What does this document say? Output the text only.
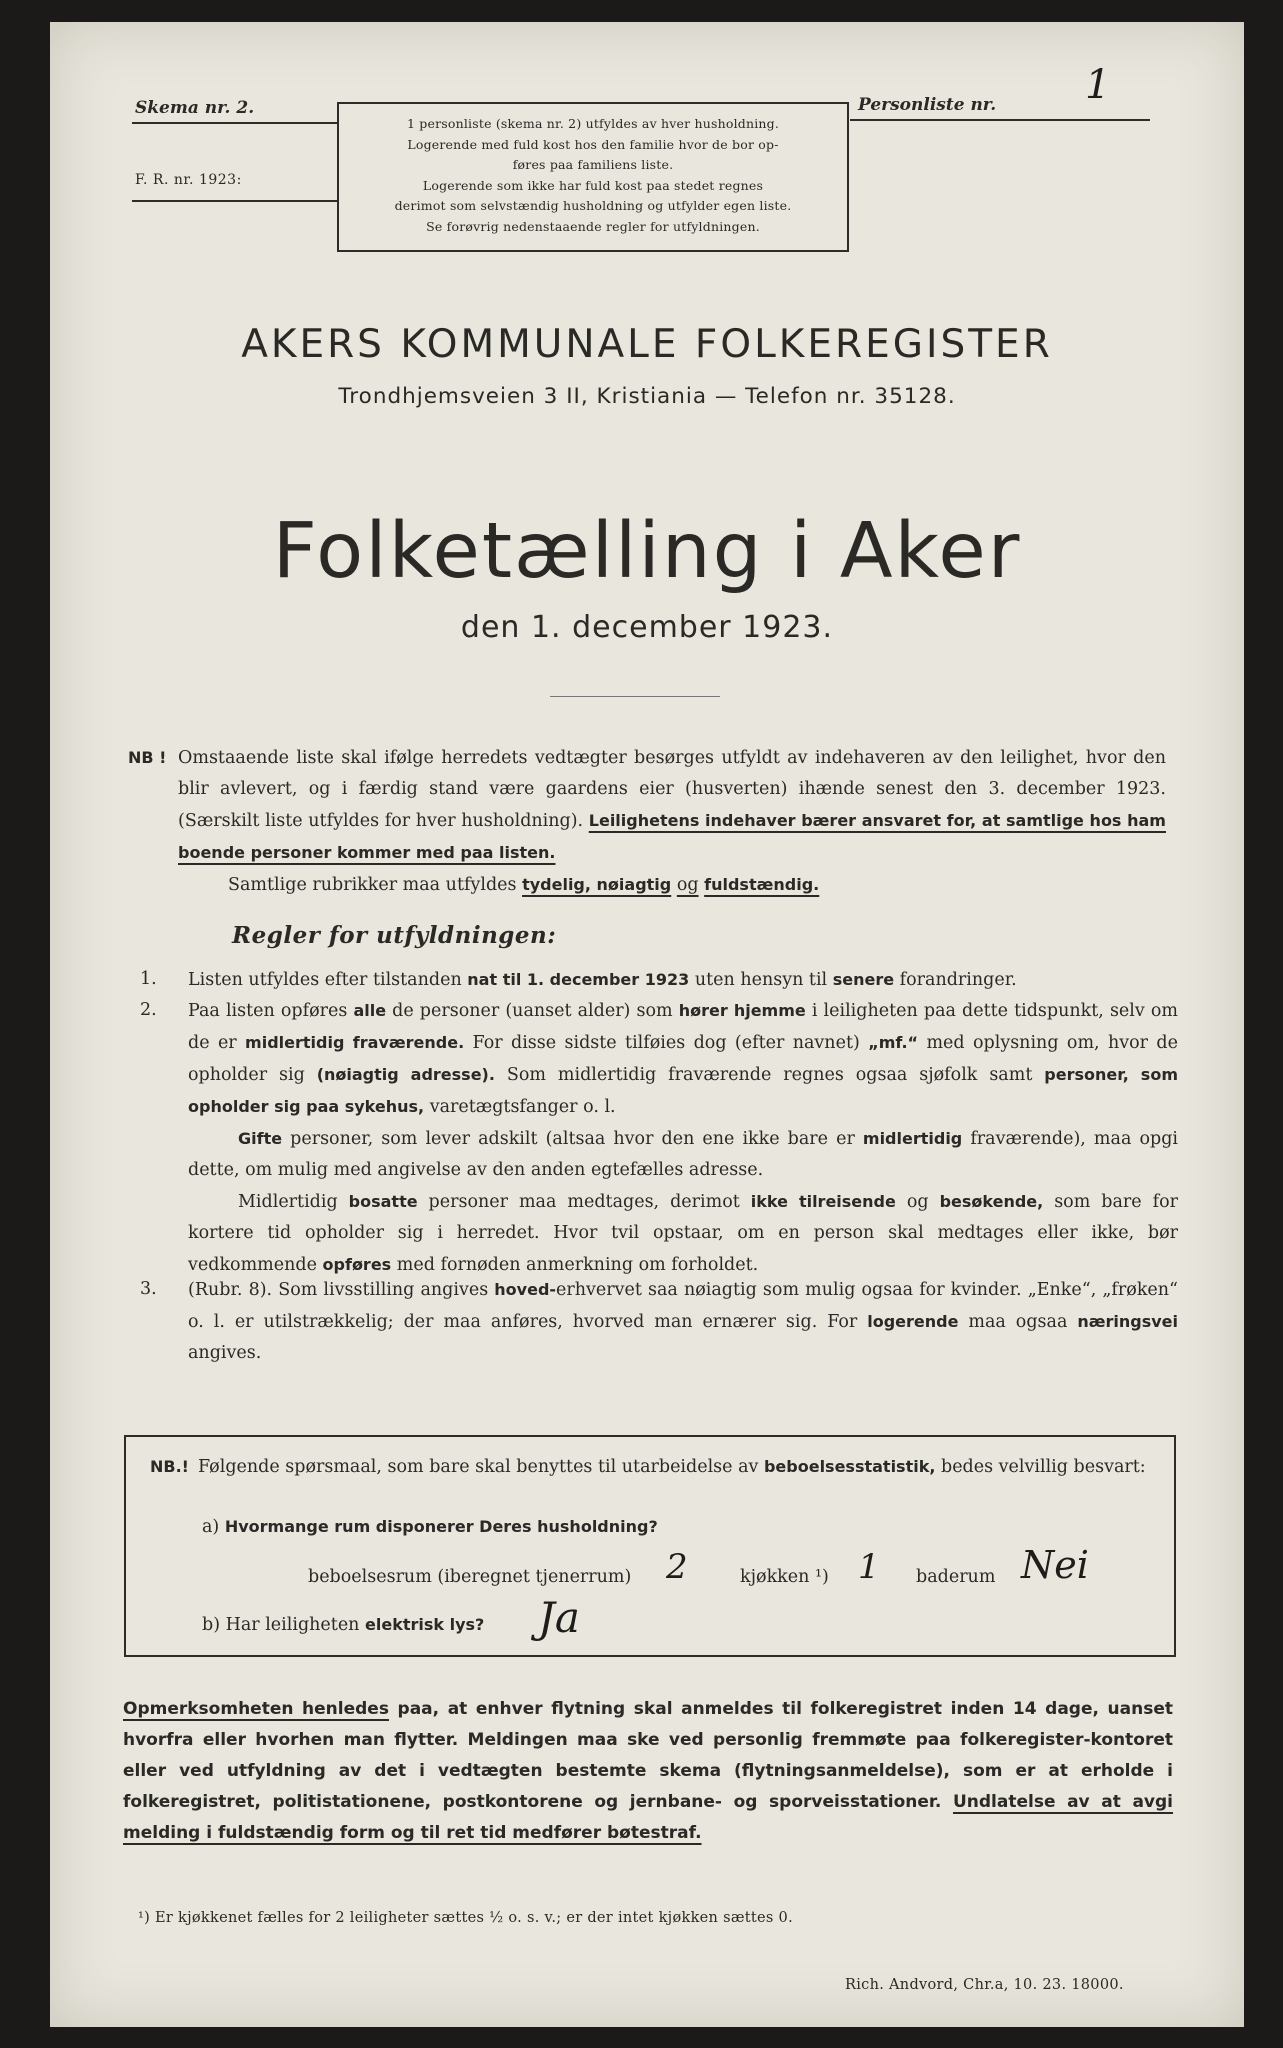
Skema nr. 2.
F. R. nr. 1923:

1 personliste (skema nr. 2) utfyldes av hver husholdning.

Logerende med fuld kost hos den familie hvor de bor op-

føres paa familiens liste.

Logerende som ikke har fuld kost paa stedet regnes

derimot som selvstændig husholdning og utfylder egen liste.

Se forøvrig nedenstaaende regler for utfyldningen.

Personliste nr. 1
AKERS KOMMUNALE FOLKEREGISTER
Trondhjemsveien 3 II, Kristiania — Telefon nr. 35128.
Folketælling i Aker
den 1. december 1923.
NB ! Omstaaende liste skal ifølge herredets vedtægter besørges utfyldt av indehaveren av den leilighet, hvor den blir avlevert, og i færdig stand være gaardens eier (husverten) ihænde senest den 3. december 1923. (Særskilt liste utfyldes for hver husholdning). Leilighetens indehaver bærer ansvaret for, at samtlige hos ham boende personer kommer med paa listen.
Samtlige rubrikker maa utfyldes tydelig, nøiagtig og fuldstændig.
Regler for utfyldningen:
1.	Listen utfyldes efter tilstanden nat til 1. december 1923 uten hensyn til senere forandringer.
2.	Paa listen opføres alle de personer (uanset alder) som hører hjemme i leiligheten paa dette tidspunkt, selv om de er midlertidig fraværende. For disse sidste tilføies dog (efter navnet) „mf.“ med oplysning om, hvor de opholder sig (nøiagtig adresse). Som midlertidig fraværende regnes ogsaa sjøfolk samt personer, som opholder sig paa sykehus, varetægtsfanger o. l.
Gifte personer, som lever adskilt (altsaa hvor den ene ikke bare er midlertidig fraværende), maa opgi dette, om mulig med angivelse av den anden egtefælles adresse.
Midlertidig bosatte personer maa medtages, derimot ikke tilreisende og besøkende, som bare for kortere tid opholder sig i herredet. Hvor tvil opstaar, om en person skal medtages eller ikke, bør vedkommende opføres med fornøden anmerkning om forholdet.
3.	(Rubr. 8). Som livsstilling angives hoved-erhvervet saa nøiagtig som mulig ogsaa for kvinder. „Enke“, „frøken“ o. l. er utilstrækkelig; der maa anføres, hvorved man ernærer sig. For logerende maa ogsaa næringsvei angives.
NB.! Følgende spørsmaal, som bare skal benyttes til utarbeidelse av beboelsesstatistik, bedes velvillig besvart:
a) Hvormange rum disponerer Deres husholdning?
beboelsesrum (iberegnet tjenerrum) 2	kjøkken ¹) 1 baderum Nei
b) Har leiligheten elektrisk lys? Ja
Opmerksomheten henledes paa, at enhver flytning skal anmeldes til folkeregistret inden 14 dage, uanset hvorfra eller hvorhen man flytter. Meldingen maa ske ved personlig fremmøte paa folkeregister-kontoret eller ved utfyldning av det i vedtægten bestemte skema (flytningsanmeldelse), som er at erholde i folkeregistret, politistationene, postkontorene og jernbane- og sporveisstationer. Undlatelse av at avgi melding i fuldstændig form og til ret tid medfører bøtestraf.
¹) Er kjøkkenet fælles for 2 leiligheter sættes ½ o. s. v.; er der intet kjøkken sættes 0.
Rich. Andvord, Chr.a, 10. 23. 18000.
